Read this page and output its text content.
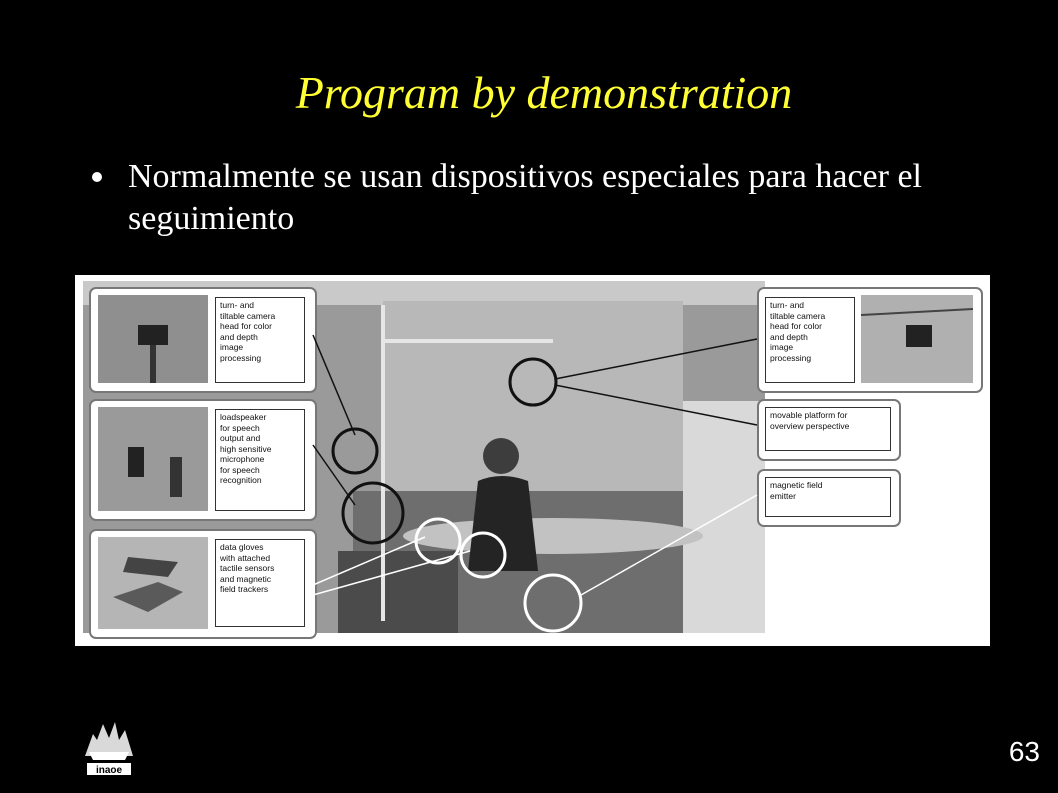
Program by demonstration
Normalmente se usan dispositivos especiales para hacer el seguimiento
turn- and
tiltable camera
head for color
and depth
image
processing
loadspeaker
for speech
output and
high sensitive
microphone
for speech
recognition
data gloves
with attached
tactile sensors
and magnetic
field trackers
turn- and
tiltable camera
head for color
and depth
image
processing
movable platform for
overview perspective
magnetic field
emitter
inaoe
63
